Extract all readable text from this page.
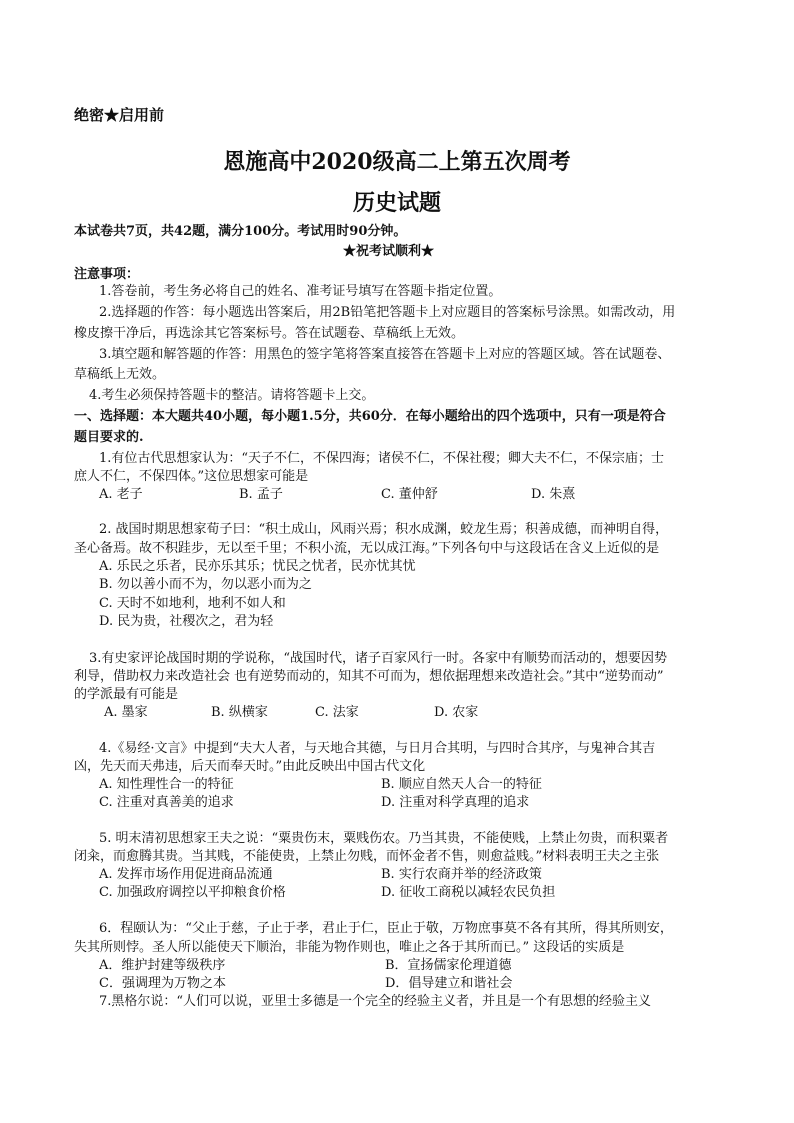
绝密★启用前
恩施高中2020级高二上第五次周考
历史试题
本试卷共7页，共42题，满分100分。考试用时90分钟。
★祝考试顺利★
注意事项：
1.答卷前，考生务必将自己的姓名、准考证号填写在答题卡指定位置。
2.选择题的作答：每小题选出答案后，用2B铅笔把答题卡上对应题目的答案标号涂黑。如需改动，用
橡皮擦干净后，再选涂其它答案标号。答在试题卷、草稿纸上无效。
3.填空题和解答题的作答：用黑色的签字笔将答案直接答在答题卡上对应的答题区域。答在试题卷、
草稿纸上无效。
4.考生必须保持答题卡的整洁。请将答题卡上交。
一、选择题：本大题共40小题，每小题1.5分，共60分．在每小题给出的四个选项中，只有一项是符合
题目要求的.
1.有位古代思想家认为：“天子不仁，不保四海；诸侯不仁，不保社稷；卿大夫不仁，不保宗庙；士
庶人不仁，不保四体。”这位思想家可能是
A. 老子	B. 孟子	C. 董仲舒	D. 朱熹
2. 战国时期思想家荀子曰：“积土成山，风雨兴焉；积水成渊，蛟龙生焉；积善成德，而神明自得，
圣心备焉。故不积跬步，无以至千里；不积小流，无以成江海。”下列各句中与这段话在含义上近似的是
A. 乐民之乐者，民亦乐其乐；忧民之忧者，民亦忧其忧
B. 勿以善小而不为，勿以恶小而为之
C. 天时不如地利，地利不如人和
D. 民为贵，社稷次之，君为轻
3.有史家评论战国时期的学说称，“战国时代，诸子百家风行一时。各家中有顺势而活动的，想要因势
利导，借助权力来改造社会 也有逆势而动的，知其不可而为，想依据理想来改造社会。”其中“逆势而动”
的学派最有可能是
A. 墨家	B. 纵横家	C. 法家	D. 农家
4.《易经·文言》中提到“夫大人者，与天地合其德，与日月合其明，与四时合其序，与鬼神合其吉
凶，先天而天弗违，后天而奉天时。”由此反映出中国古代文化
A. 知性理性合一的特征	B. 顺应自然天人合一的特征
C. 注重对真善美的追求	D. 注重对科学真理的追求
5. 明末清初思想家王夫之说：“粟贵伤末，粟贱伤农。乃当其贵，不能使贱，上禁止勿贵，而积粟者
闭籴，而愈腾其贵。当其贱，不能使贵，上禁止勿贱，而怀金者不售，则愈益贱。”材料表明王夫之主张
A. 发挥市场作用促进商品流通	B. 实行农商并举的经济政策
C. 加强政府调控以平抑粮食价格	D. 征收工商税以减轻农民负担
6．程颐认为：“父止于慈，子止于孝，君止于仁，臣止于敬，万物庶事莫不各有其所，得其所则安，
失其所则悖。圣人所以能使天下顺治，非能为物作则也，唯止之各于其所而已。” 这段话的实质是
A．维护封建等级秩序	B．宣扬儒家伦理道德
C．强调理为万物之本	D．倡导建立和谐社会
7.黑格尔说：“人们可以说，亚里士多德是一个完全的经验主义者，并且是一个有思想的经验主义
